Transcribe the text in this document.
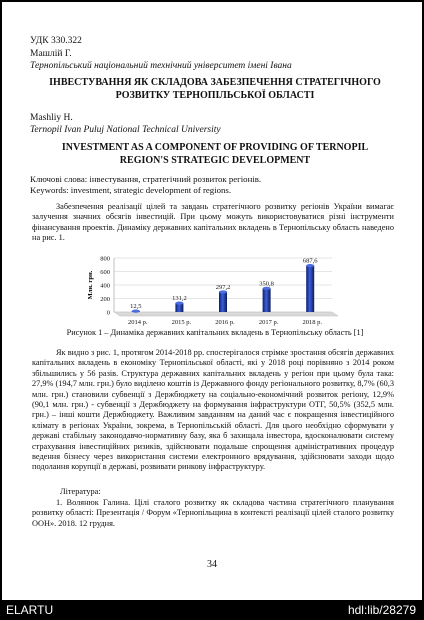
УДК 330.322
Машлій Г.
Тернопільський національний технічний університет імені Івана
ІНВЕСТУВАННЯ ЯК СКЛАДОВА ЗАБЕЗПЕЧЕННЯ СТРАТЕГІЧНОГО
РОЗВИТКУ ТЕРНОПІЛЬСЬКОЇ ОБЛАСТІ
Mashliy H.
Ternopil Ivan Puluj National Technical University
INVESTMENT AS A COMPONENT OF PROVIDING OF TERNOPIL
REGION'S STRATEGIC DEVELOPMENT
Ключові слова: інвестування, стратегічний розвиток регіонів.
Keywords: investment, strategic development of regions.
Забезпечення реалізації цілей та завдань стратегічного розвитку регіонів України вимагає залучення значних обсягів інвестицій. При цьому можуть використовуватися різні інструменти фінансування проектів. Динаміку державних капітальних вкладень в Тернопільську область наведено на рис. 1.
0
200
400
600
800
Млн. грн.
12,5
2014 р.
131,2
2015 р.
297,2
2016 р.
350,8
2017 р.
687,6
2018 р.
Рисунок 1 – Динаміка державних капітальних вкладень в Тернопільську область [1]
Як видно з рис. 1, протягом 2014-2018 рр. спостерігалося стрімке зростання обсягів державних капітальних вкладень в економіку Тернопільської області, які у 2018 році порівняно з 2014 роком збільшились у 56 разів. Структура державних капітальних вкладень у регіон при цьому була така: 27,9% (194,7 млн. грн.) було виділено коштів із Державного фонду регіонального розвитку, 8,7% (60,3 млн. грн.) становили субвенції з Держбюджету на соціально-економічний розвиток регіону, 12,9% (90,1 млн. грн.) - субвенції з Держбюджету на формування інфраструктури ОТГ, 50,5% (352,5 млн. грн.) – інші кошти Держбюджету. Важливим завданням на даний час є покращення інвестиційного клімату в регіонах України, зокрема, в Тернопільській області. Для цього необхідно сформувати у державі стабільну законодавчо-нормативну базу, яка б захищала інвестора, вдосконалювати систему страхування інвестиційних ризиків, здійснювати подальше спрощення адміністративних процедур ведення бізнесу через використання системи електронного врядування, здійснювати заходи щодо подолання корупції в державі, розвивати ринкову інфраструктуру.
Література:
1. Волянюк Галина. Цілі сталого розвитку як складова частина стратегічного планування розвитку області: Презентація / Форум «Тернопільщина в контексті реалізації цілей сталого розвитку ООН». 2018. 12 грудня.
34
ELARTU	hdl:lib/28279
